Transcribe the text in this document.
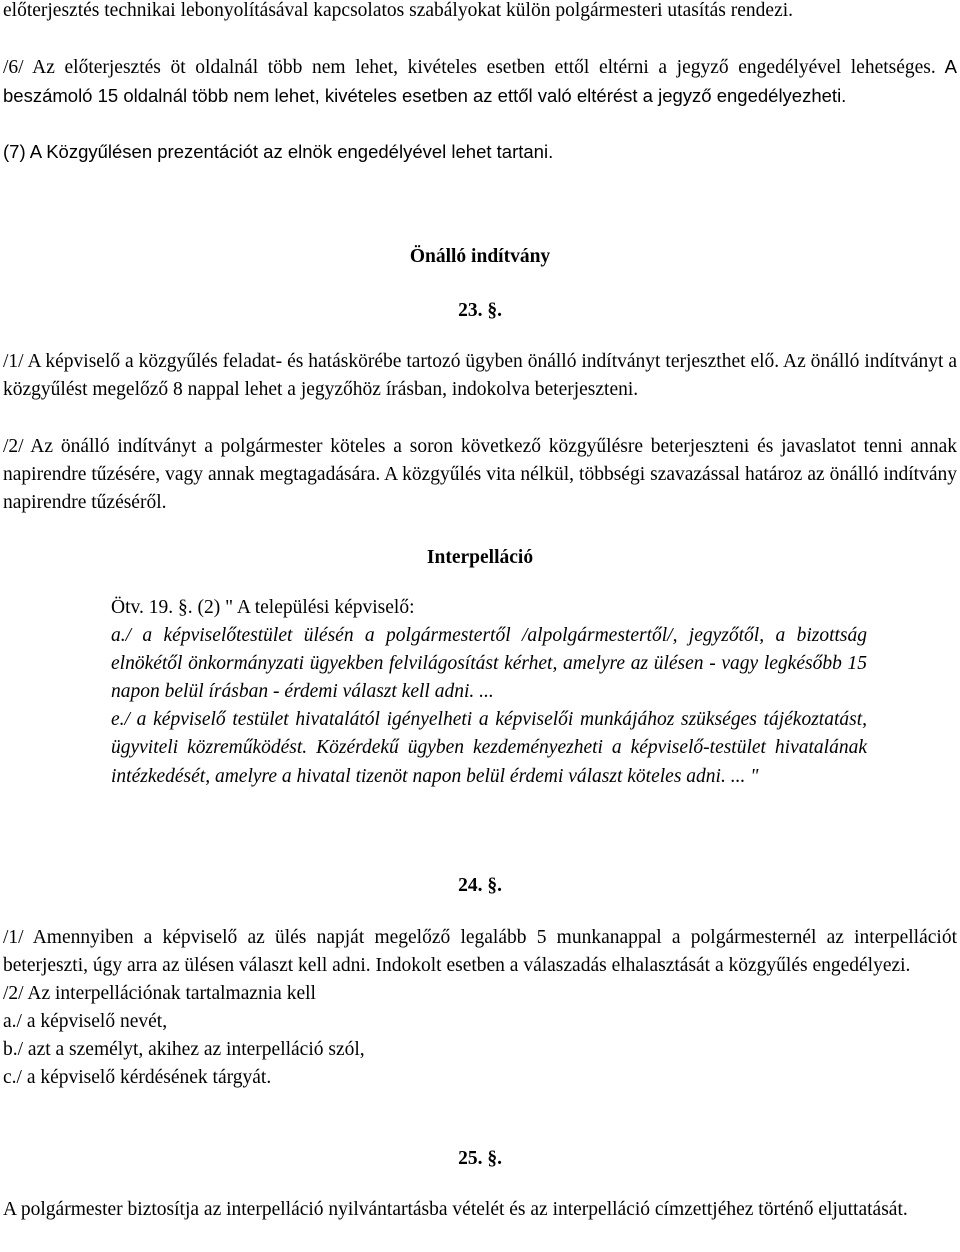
előterjesztés technikai lebonyolításával kapcsolatos szabályokat külön polgármesteri utasítás rendezi.

/6/ Az előterjesztés öt oldalnál több nem lehet, kivételes esetben ettől eltérni a jegyző engedélyével lehetséges. A beszámoló 15 oldalnál több nem lehet, kivételes esetben az ettől való eltérést a jegyző engedélyezheti.

(7) A Közgyűlésen prezentációt az elnök engedélyével lehet tartani.

Önálló indítvány

23. §.

/1/ A képviselő a közgyűlés feladat- és hatáskörébe tartozó ügyben önálló indítványt terjeszthet elő. Az önálló indítványt a közgyűlést megelőző 8 nappal lehet a jegyzőhöz írásban, indokolva beterjeszteni.

/2/ Az önálló indítványt a polgármester köteles a soron következő közgyűlésre beterjeszteni és javaslatot tenni annak napirendre tűzésére, vagy annak megtagadására. A közgyűlés vita nélkül, többségi szavazással határoz az önálló indítvány napirendre tűzéséről.

Interpelláció

Ötv. 19. §. (2) " A települési képviselő:

a./ a képviselőtestület ülésén a polgármestertől /alpolgármestertől/, jegyzőtől, a bizottság elnökétől önkormányzati ügyekben felvilágosítást kérhet, amelyre az ülésen - vagy legkésőbb 15 napon belül írásban - érdemi választ kell adni. ...

e./ a képviselő testület hivatalától igényelheti a képviselői munkájához szükséges tájékoztatást, ügyviteli közreműködést. Közérdekű ügyben kezdeményezheti a képviselő-testület hivatalának intézkedését, amelyre a hivatal tizenöt napon belül érdemi választ köteles adni. ... "

24. §.

/1/ Amennyiben a képviselő az ülés napját megelőző legalább 5 munkanappal a polgármesternél az interpellációt beterjeszti, úgy arra az ülésen választ kell adni. Indokolt esetben a válaszadás elhalasztását a közgyűlés engedélyezi.

/2/ Az interpellációnak tartalmaznia kell

a./ a képviselő nevét,

b./ azt a személyt, akihez az interpelláció szól,

c./ a képviselő kérdésének tárgyát.

25. §.

A polgármester biztosítja az interpelláció nyilvántartásba vételét és az interpelláció címzettjéhez történő eljuttatását.
